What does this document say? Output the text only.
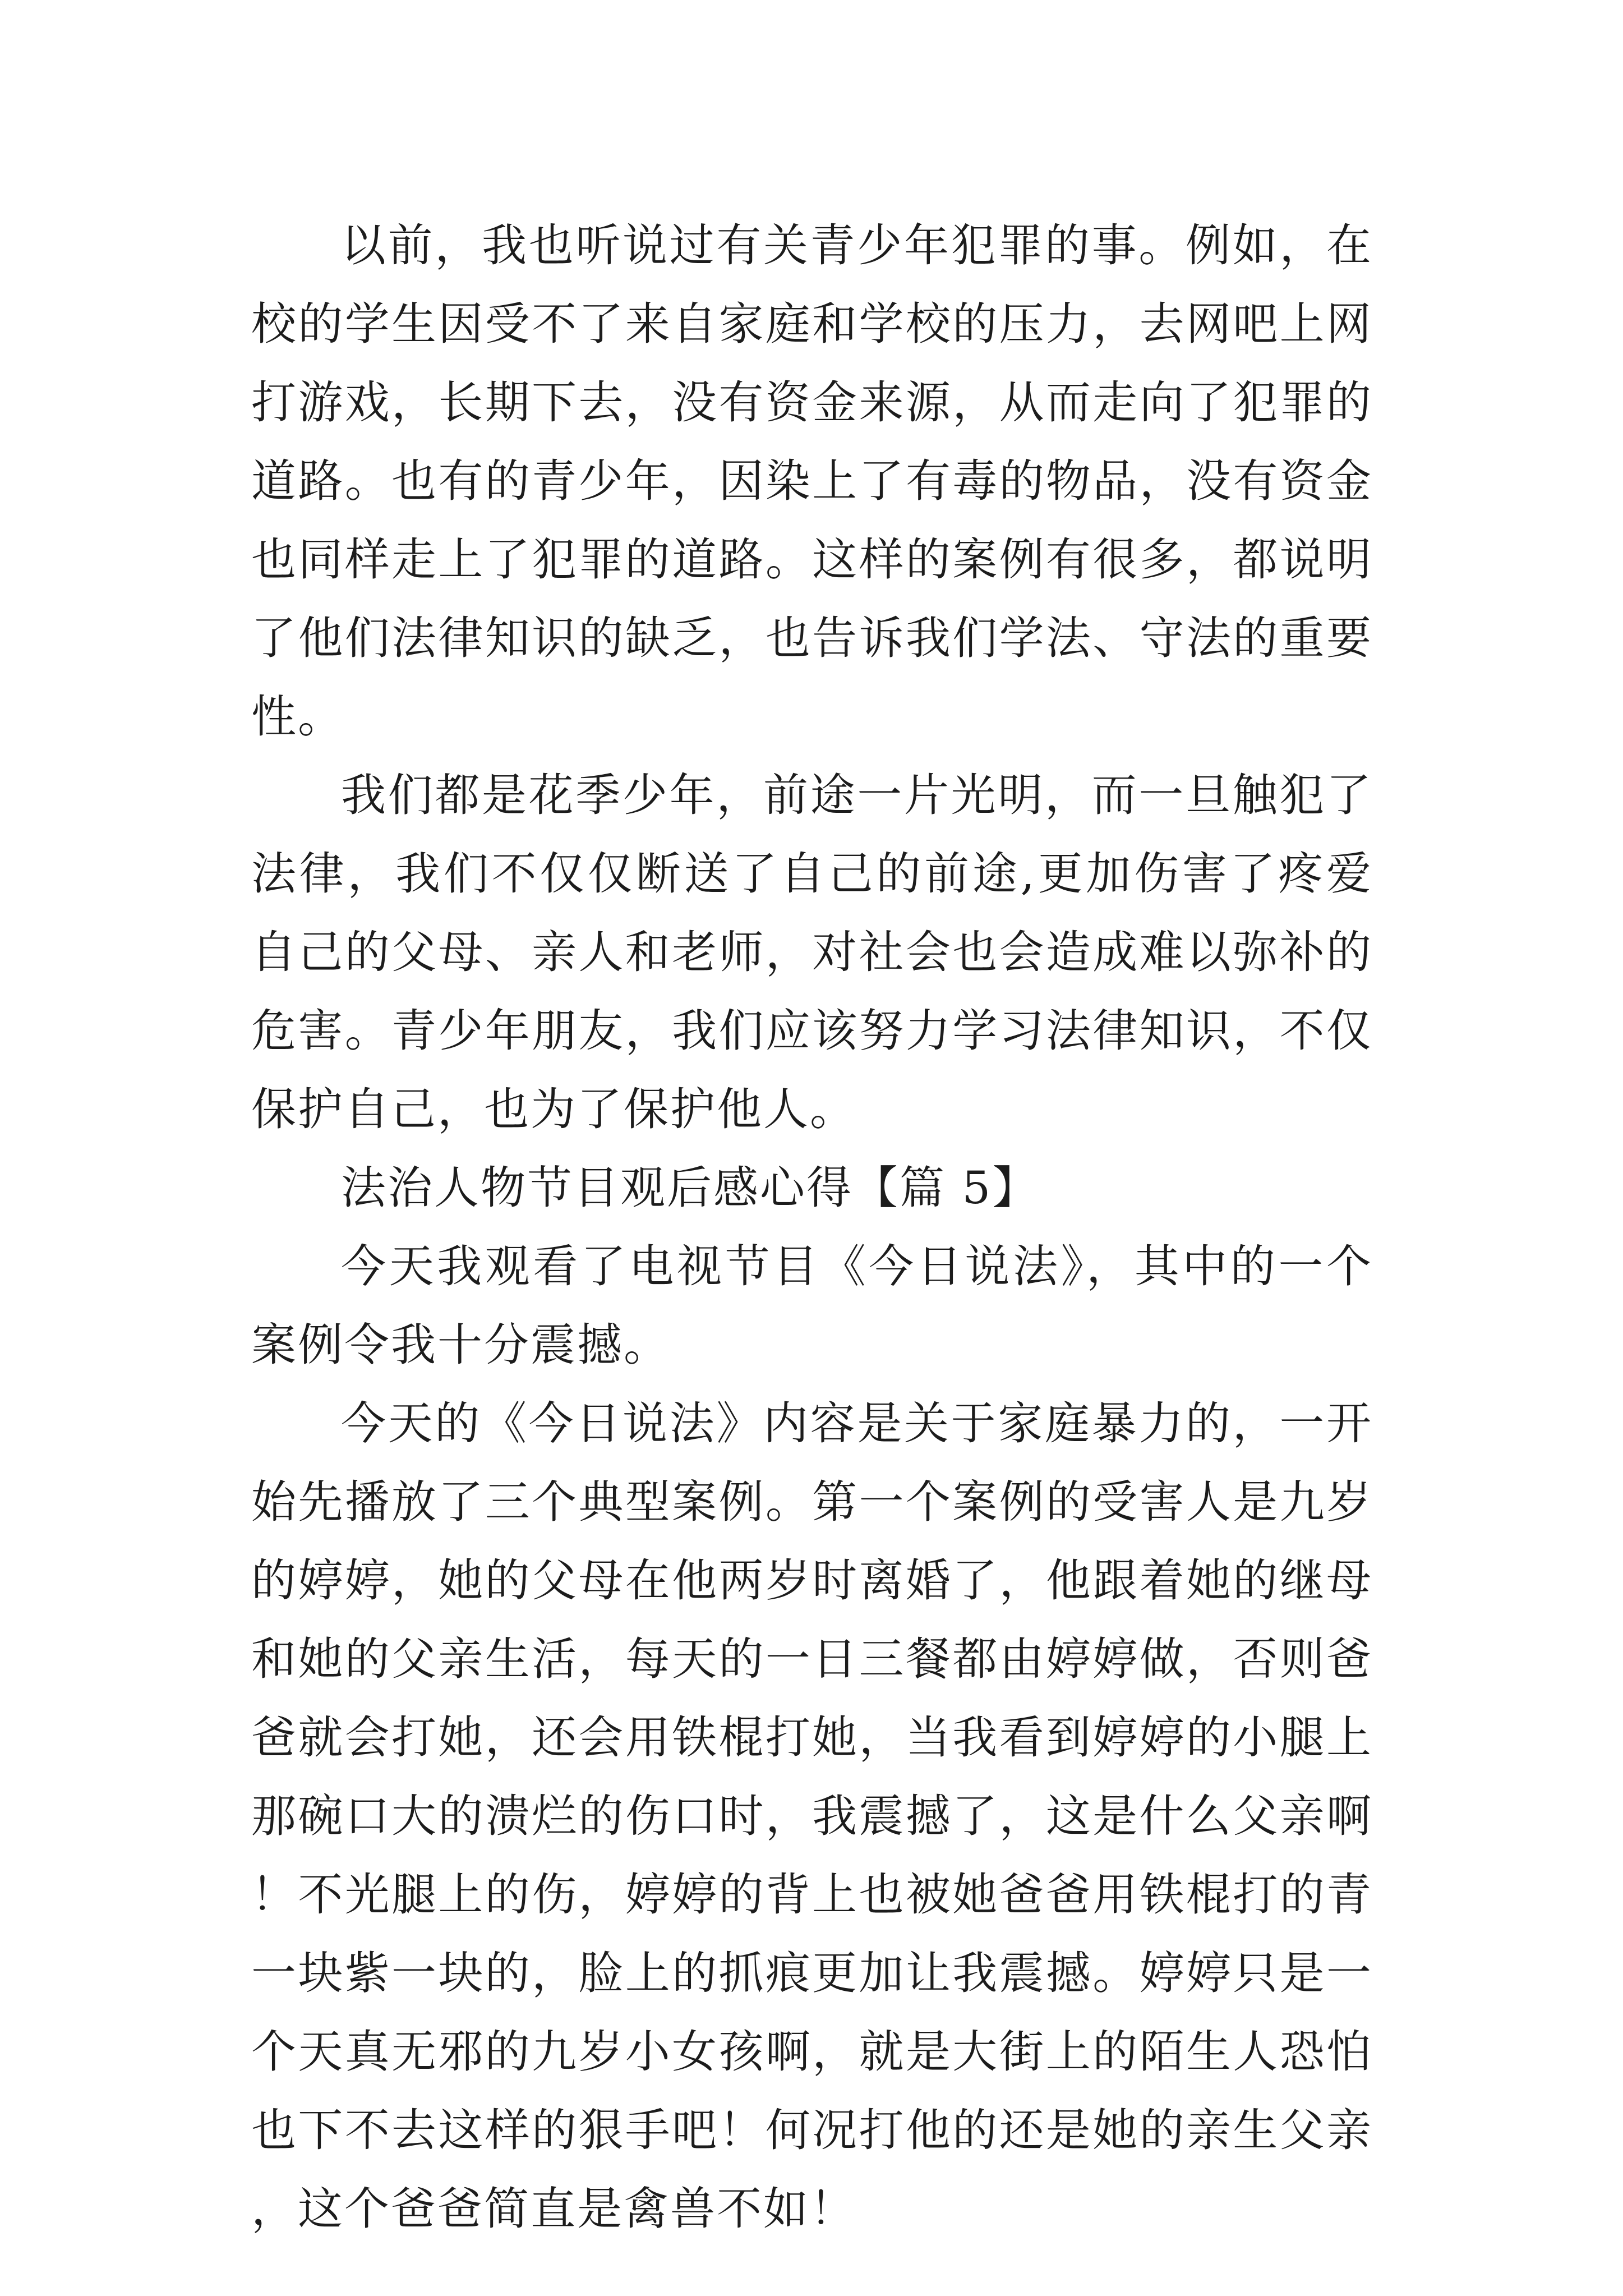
以前，我也听说过有关青少年犯罪的事。例如，在校的学生因受不了来自家庭和学校的压力，去网吧上网打游戏，长期下去，没有资金来源，从而走向了犯罪的道路。也有的青少年，因染上了有毒的物品，没有资金也同样走上了犯罪的道路。这样的案例有很多，都说明了他们法律知识的缺乏，也告诉我们学法、守法的重要性。

我们都是花季少年，前途一片光明，而一旦触犯了法律，我们不仅仅断送了自己的前途,更加伤害了疼爱自己的父母、亲人和老师，对社会也会造成难以弥补的危害。青少年朋友，我们应该努力学习法律知识，不仅保护自己，也为了保护他人。

法治人物节目观后感心得【篇 5】

今天我观看了电视节目《今日说法》，其中的一个案例令我十分震撼。

今天的《今日说法》内容是关于家庭暴力的，一开始先播放了三个典型案例。第一个案例的受害人是九岁的婷婷，她的父母在他两岁时离婚了，他跟着她的继母和她的父亲生活，每天的一日三餐都由婷婷做，否则爸爸就会打她，还会用铁棍打她，当我看到婷婷的小腿上那碗口大的溃烂的伤口时，我震撼了，这是什么父亲啊！不光腿上的伤，婷婷的背上也被她爸爸用铁棍打的青一块紫一块的，脸上的抓痕更加让我震撼。婷婷只是一个天真无邪的九岁小女孩啊，就是大街上的陌生人恐怕也下不去这样的狠手吧！何况打他的还是她的亲生父亲，这个爸爸简直是禽兽不如！
